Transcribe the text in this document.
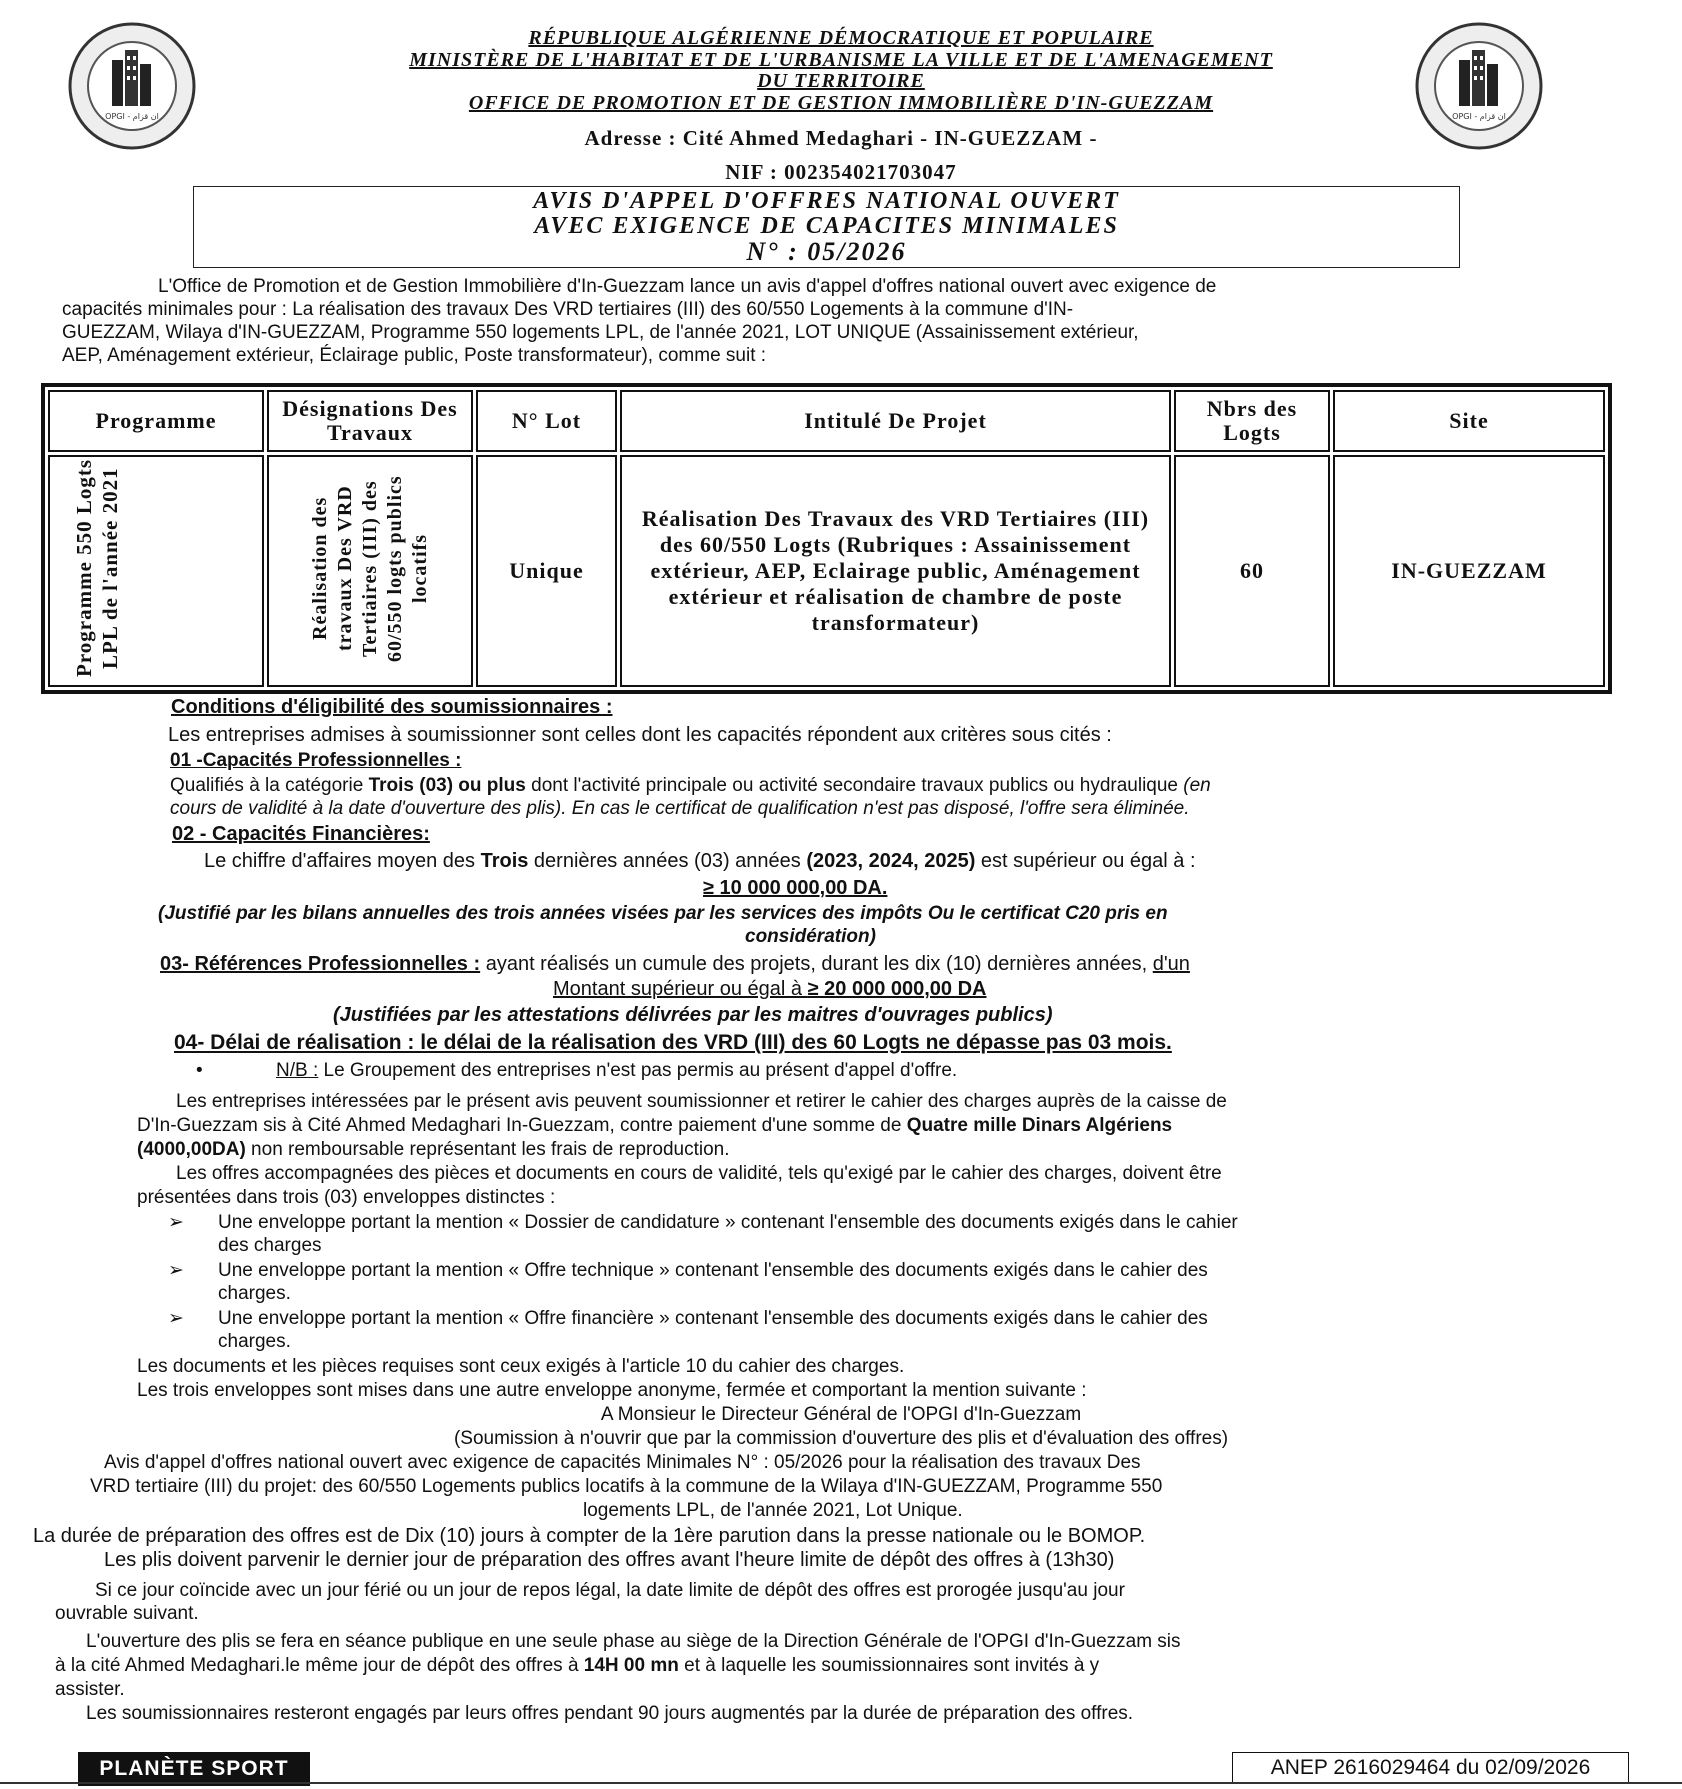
OPGI - ان قزام	OPGI - ان قزام
RÉPUBLIQUE ALGÉRIENNE DÉMOCRATIQUE ET POPULAIRE
MINISTÈRE DE L'HABITAT ET DE L'URBANISME LA VILLE ET DE L'AMENAGEMENT
DU TERRITOIRE
OFFICE DE PROMOTION ET DE GESTION IMMOBILIÈRE D'IN-GUEZZAM
Adresse : Cité Ahmed Medaghari - IN-GUEZZAM -
NIF : 002354021703047
AVIS D'APPEL D'OFFRES NATIONAL OUVERT
AVEC EXIGENCE DE CAPACITES MINIMALES
N° : 05/2026
L'Office de Promotion et de Gestion Immobilière d'In-Guezzam lance un avis d'appel d'offres national ouvert avec exigence de
capacités minimales pour : La réalisation des travaux Des VRD tertiaires (III) des 60/550 Logements à la commune d'IN-
GUEZZAM, Wilaya d'IN-GUEZZAM, Programme 550 logements LPL, de l'année 2021, LOT UNIQUE (Assainissement extérieur,
AEP, Aménagement extérieur, Éclairage public, Poste transformateur), comme suit :
Programme	Désignations Des Travaux	N° Lot	Intitulé De Projet	Nbrs des Logts	Site
Programme 550 Logts LPL de l'année 2021	Réalisation des travaux Des VRD Tertiaires (III) des 60/550 logts publics locatifs	Unique	Réalisation Des Travaux des VRD Tertiaires (III) des 60/550 Logts (Rubriques : Assainissement extérieur, AEP, Eclairage public, Aménagement extérieur et réalisation de chambre de poste transformateur)	60	IN-GUEZZAM
Conditions d'éligibilité des soumissionnaires :
Les entreprises admises à soumissionner sont celles dont les capacités répondent aux critères sous cités :
01 -Capacités Professionnelles :
Qualifiés à la catégorie Trois (03) ou plus dont l'activité principale ou activité secondaire travaux publics ou hydraulique (en
cours de validité à la date d'ouverture des plis). En cas le certificat de qualification n'est pas disposé, l'offre sera éliminée.
02 - Capacités Financières:
Le chiffre d'affaires moyen des Trois dernières années (03) années (2023, 2024, 2025) est supérieur ou égal à :
≥ 10 000 000,00 DA.
(Justifié par les bilans annuelles des trois années visées par les services des impôts Ou le certificat C20 pris en
considération)
03- Références Professionnelles : ayant réalisés un cumule des projets, durant les dix (10) dernières années, d'un
Montant supérieur ou égal à ≥ 20 000 000,00 DA
(Justifiées par les attestations délivrées par les maitres d'ouvrages publics)
04- Délai de réalisation : le délai de la réalisation des VRD (III) des 60 Logts ne dépasse pas 03 mois.
•	N/B : Le Groupement des entreprises n'est pas permis au présent d'appel d'offre.
Les entreprises intéressées par le présent avis peuvent soumissionner et retirer le cahier des charges auprès de la caisse de
D'In-Guezzam sis à Cité Ahmed Medaghari In-Guezzam, contre paiement d'une somme de Quatre mille Dinars Algériens
(4000,00DA) non remboursable représentant les frais de reproduction.
Les offres accompagnées des pièces et documents en cours de validité, tels qu'exigé par le cahier des charges, doivent être
présentées dans trois (03) enveloppes distinctes :
➢ Une enveloppe portant la mention « Dossier de candidature » contenant l'ensemble des documents exigés dans le cahier
des charges
➢ Une enveloppe portant la mention « Offre technique » contenant l'ensemble des documents exigés dans le cahier des
charges.
➢ Une enveloppe portant la mention « Offre financière » contenant l'ensemble des documents exigés dans le cahier des
charges.
Les documents et les pièces requises sont ceux exigés à l'article 10 du cahier des charges.
Les trois enveloppes sont mises dans une autre enveloppe anonyme, fermée et comportant la mention suivante :
A Monsieur le Directeur Général de l'OPGI d'In-Guezzam
(Soumission à n'ouvrir que par la commission d'ouverture des plis et d'évaluation des offres)
Avis d'appel d'offres national ouvert avec exigence de capacités Minimales N° : 05/2026 pour la réalisation des travaux Des
VRD tertiaire (III) du projet: des 60/550 Logements publics locatifs à la commune de la Wilaya d'IN-GUEZZAM, Programme 550
logements LPL, de l'année 2021, Lot Unique.
La durée de préparation des offres est de Dix (10) jours à compter de la 1ère parution dans la presse nationale ou le BOMOP.
Les plis doivent parvenir le dernier jour de préparation des offres avant l'heure limite de dépôt des offres à (13h30)
Si ce jour coïncide avec un jour férié ou un jour de repos légal, la date limite de dépôt des offres est prorogée jusqu'au jour
ouvrable suivant.
L'ouverture des plis se fera en séance publique en une seule phase au siège de la Direction Générale de l'OPGI d'In-Guezzam sis
à la cité Ahmed Medaghari.le même jour de dépôt des offres à 14H 00 mn et à laquelle les soumissionnaires sont invités à y
assister.
Les soumissionnaires resteront engagés par leurs offres pendant 90 jours augmentés par la durée de préparation des offres.
PLANÈTE SPORT	ANEP 2616029464 du 02/09/2026
